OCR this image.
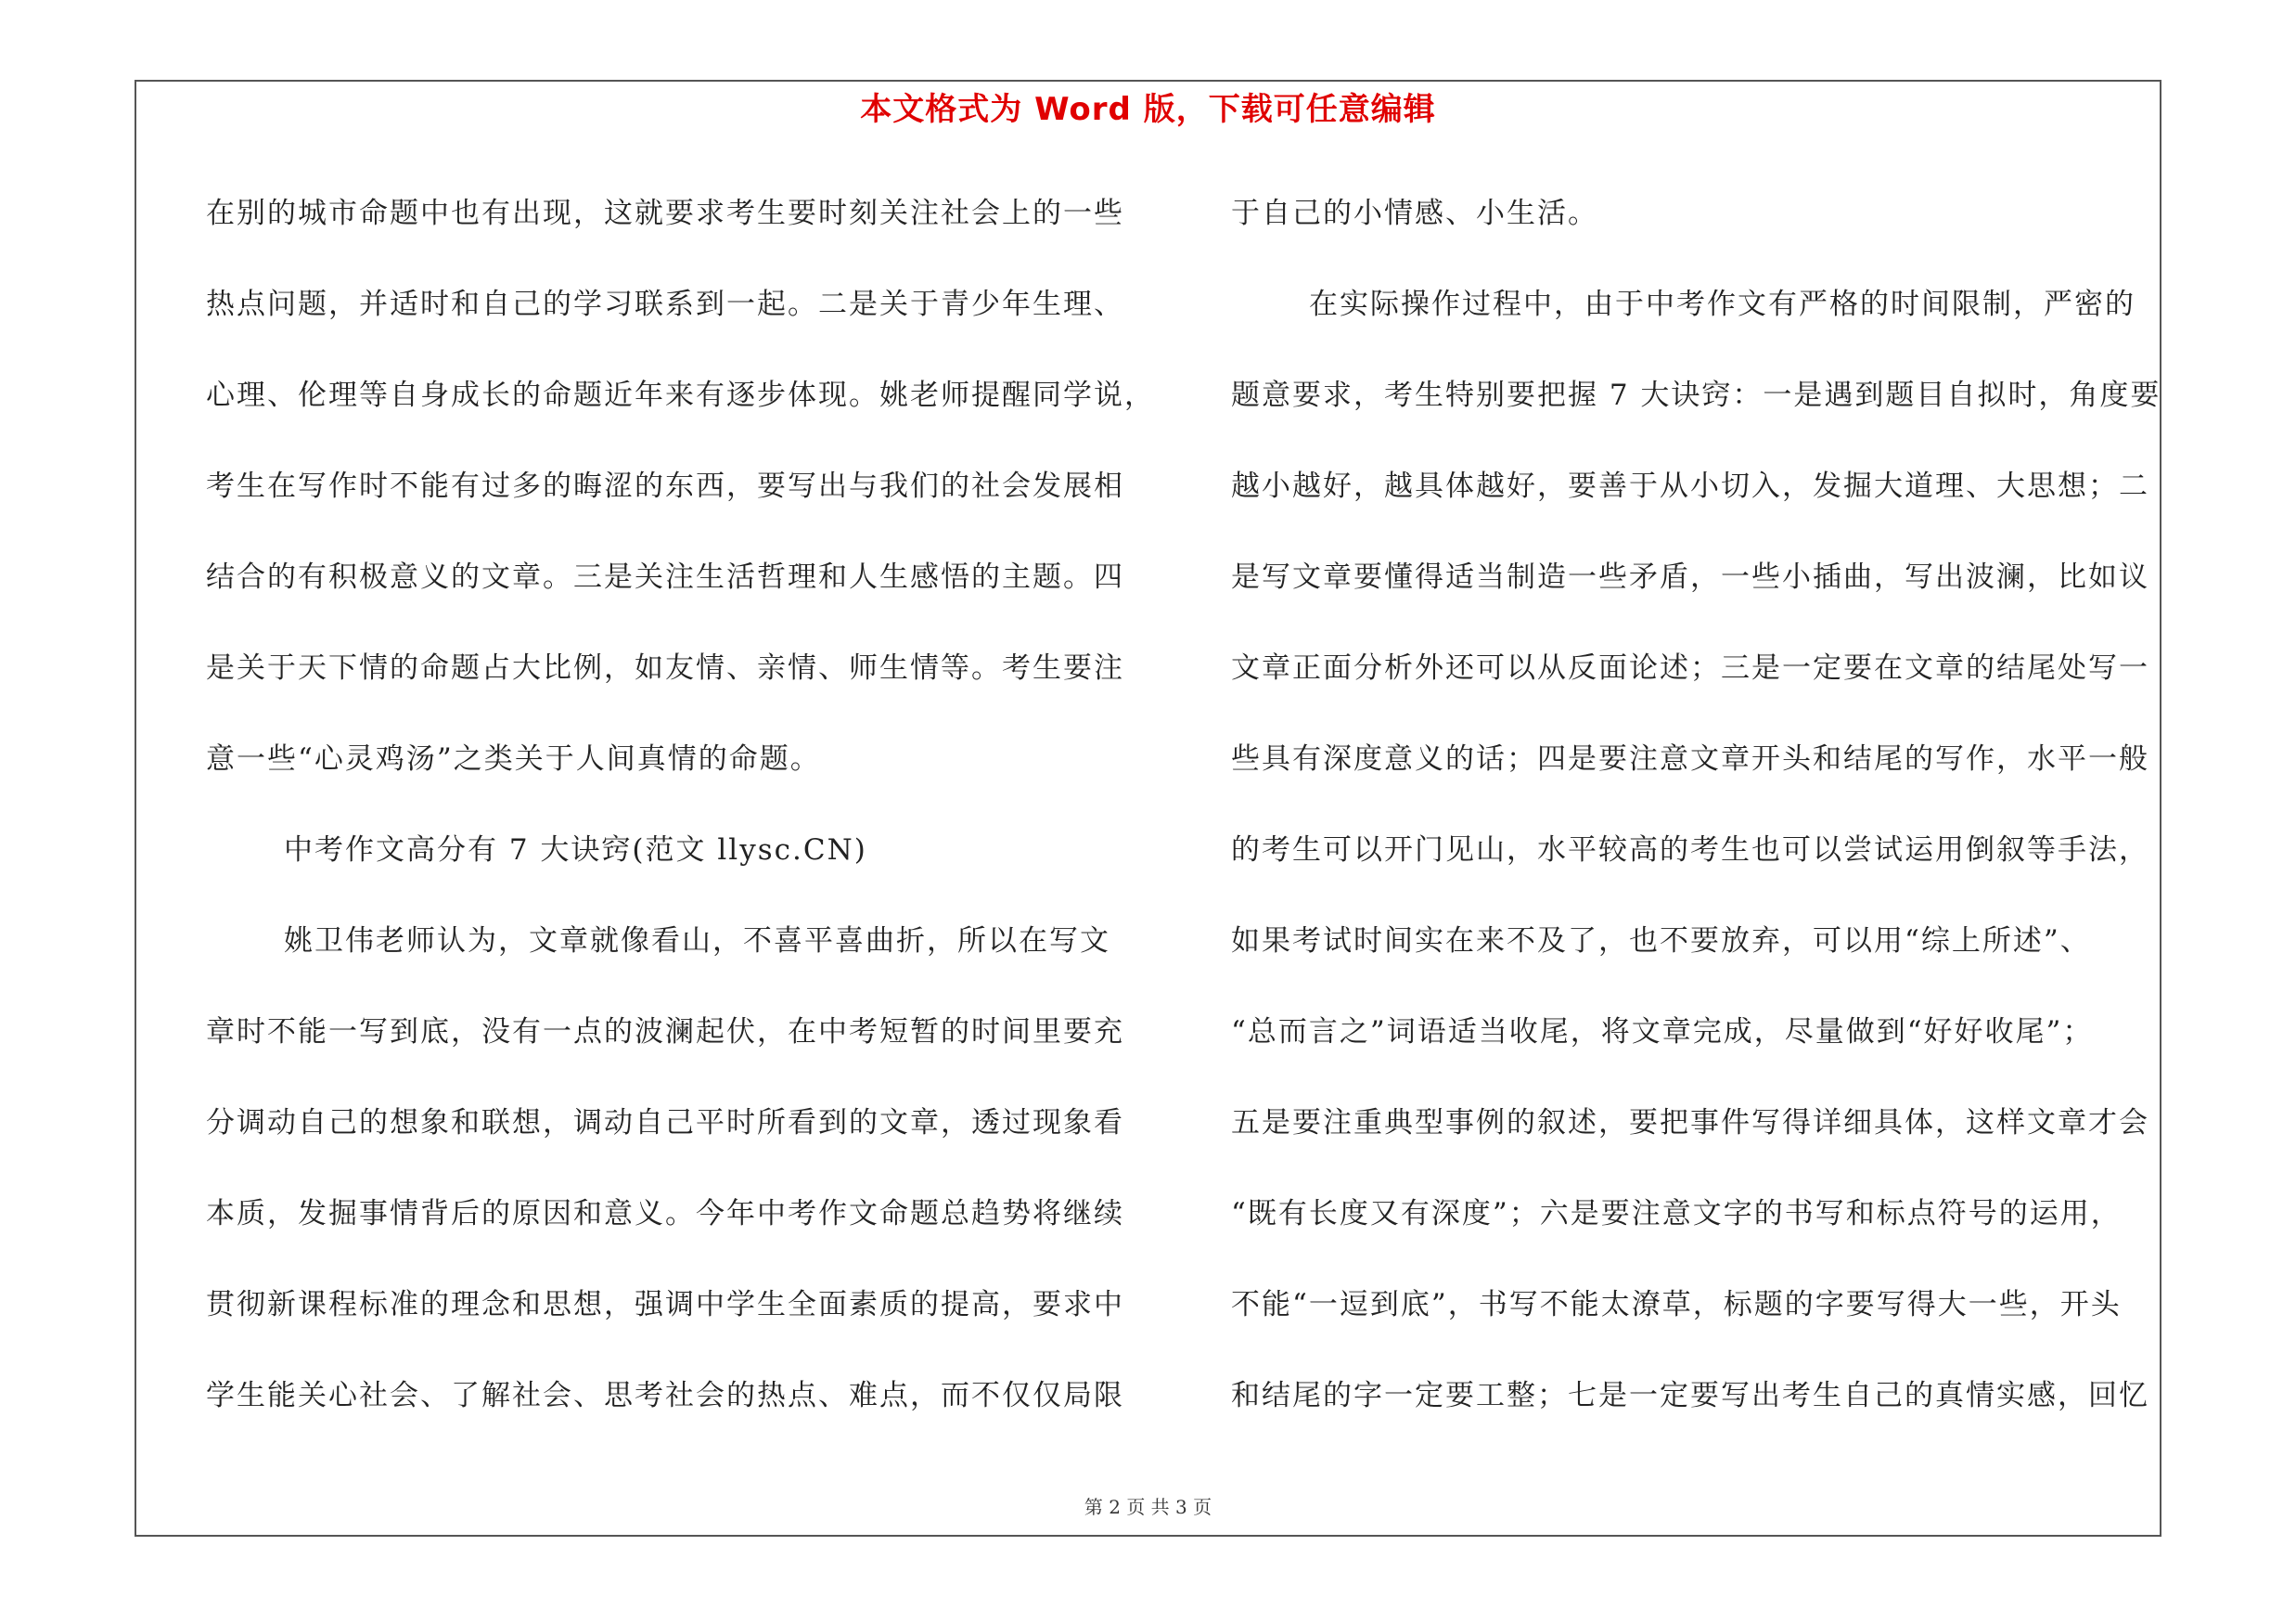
本文格式为 Word 版，下载可任意编辑
在别的城市命题中也有出现，这就要求考生要时刻关注社会上的一些
热点问题，并适时和自己的学习联系到一起。二是关于青少年生理、
心理、伦理等自身成长的命题近年来有逐步体现。姚老师提醒同学说，
考生在写作时不能有过多的晦涩的东西，要写出与我们的社会发展相
结合的有积极意义的文章。三是关注生活哲理和人生感悟的主题。四
是关于天下情的命题占大比例，如友情、亲情、师生情等。考生要注
意一些“心灵鸡汤”之类关于人间真情的命题。
中考作文高分有 7 大诀窍(范文 llysc.CN)
姚卫伟老师认为，文章就像看山，不喜平喜曲折，所以在写文
章时不能一写到底，没有一点的波澜起伏，在中考短暂的时间里要充
分调动自己的想象和联想，调动自己平时所看到的文章，透过现象看
本质，发掘事情背后的原因和意义。今年中考作文命题总趋势将继续
贯彻新课程标准的理念和思想，强调中学生全面素质的提高，要求中
学生能关心社会、了解社会、思考社会的热点、难点，而不仅仅局限
于自己的小情感、小生活。
在实际操作过程中，由于中考作文有严格的时间限制，严密的
题意要求，考生特别要把握 7 大诀窍：一是遇到题目自拟时，角度要
越小越好，越具体越好，要善于从小切入，发掘大道理、大思想；二
是写文章要懂得适当制造一些矛盾，一些小插曲，写出波澜，比如议
文章正面分析外还可以从反面论述；三是一定要在文章的结尾处写一
些具有深度意义的话；四是要注意文章开头和结尾的写作，水平一般
的考生可以开门见山，水平较高的考生也可以尝试运用倒叙等手法，
如果考试时间实在来不及了，也不要放弃，可以用“综上所述”、
“总而言之”词语适当收尾，将文章完成，尽量做到“好好收尾”；
五是要注重典型事例的叙述，要把事件写得详细具体，这样文章才会
“既有长度又有深度”；六是要注意文字的书写和标点符号的运用，
不能“一逗到底”，书写不能太潦草，标题的字要写得大一些，开头
和结尾的字一定要工整；七是一定要写出考生自己的真情实感，回忆
第 2 页 共 3 页
